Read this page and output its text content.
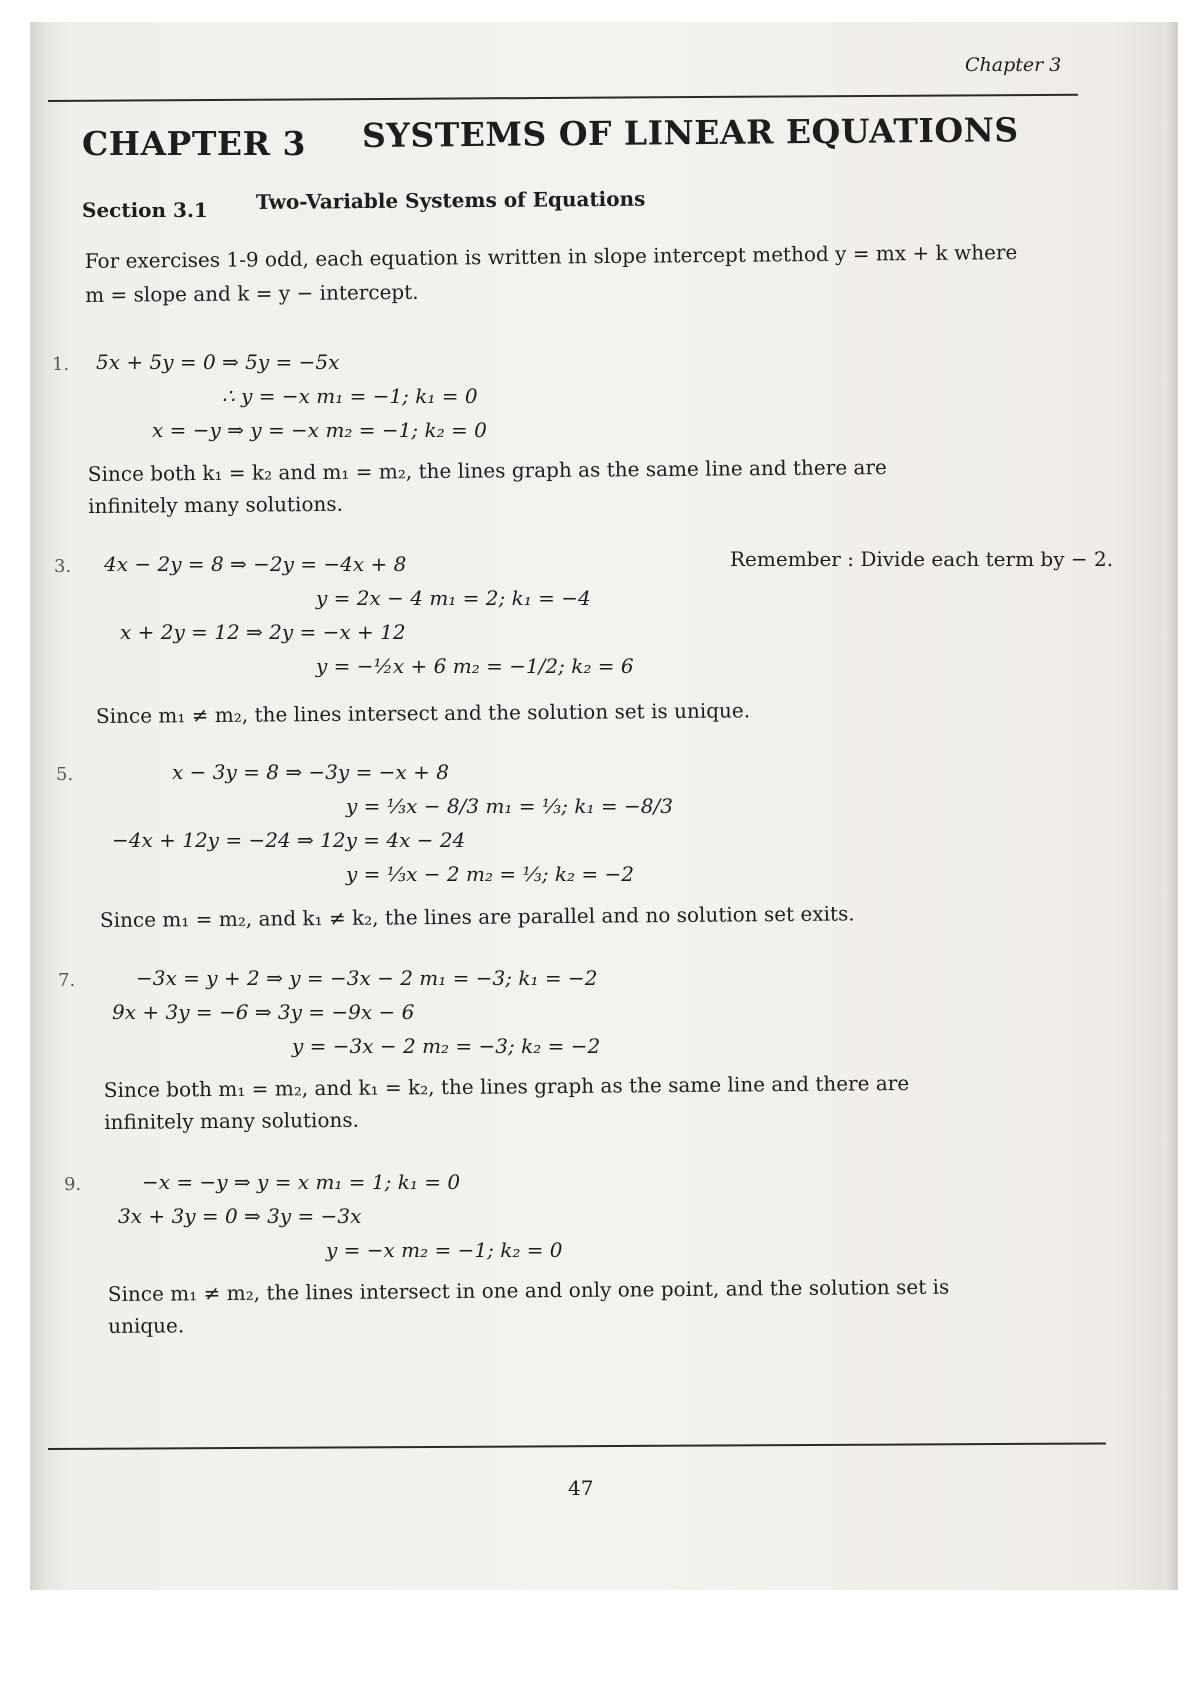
Chapter 3
CHAPTER 3 SYSTEMS OF LINEAR EQUATIONS
Section 3.1 Two-Variable Systems of Equations
For exercises 1-9 odd, each equation is written in slope intercept method y = mx + k where
m = slope and k = y − intercept.
1. 5x + 5y = 0 ⇒ 5y = −5x
∴ y = −x m₁ = −1; k₁ = 0
x = −y ⇒ y = −x m₂ = −1; k₂ = 0
Since both k₁ = k₂ and m₁ = m₂, the lines graph as the same line and there are
infinitely many solutions.
3.	Remember : Divide each term by − 2.
4x − 2y = 8 ⇒ −2y = −4x + 8
y = 2x − 4 m₁ = 2; k₁ = −4
x + 2y = 12 ⇒ 2y = −x + 12
y = −½x + 6 m₂ = −1/2; k₂ = 6
Since m₁ ≠ m₂, the lines intersect and the solution set is unique.
5.	x − 3y = 8 ⇒ −3y = −x + 8
y = ⅓x − 8/3 m₁ = ⅓; k₁ = −8/3
−4x + 12y = −24 ⇒ 12y = 4x − 24
y = ⅓x − 2 m₂ = ⅓; k₂ = −2
Since m₁ = m₂, and k₁ ≠ k₂, the lines are parallel and no solution set exits.
7.	−3x = y + 2 ⇒ y = −3x − 2 m₁ = −3; k₁ = −2
9x + 3y = −6 ⇒ 3y = −9x − 6
y = −3x − 2 m₂ = −3; k₂ = −2
Since both m₁ = m₂, and k₁ = k₂, the lines graph as the same line and there are
infinitely many solutions.
9.	−x = −y ⇒ y = x m₁ = 1; k₁ = 0
3x + 3y = 0 ⇒ 3y = −3x
y = −x m₂ = −1; k₂ = 0
Since m₁ ≠ m₂, the lines intersect in one and only one point, and the solution set is
unique.
47
